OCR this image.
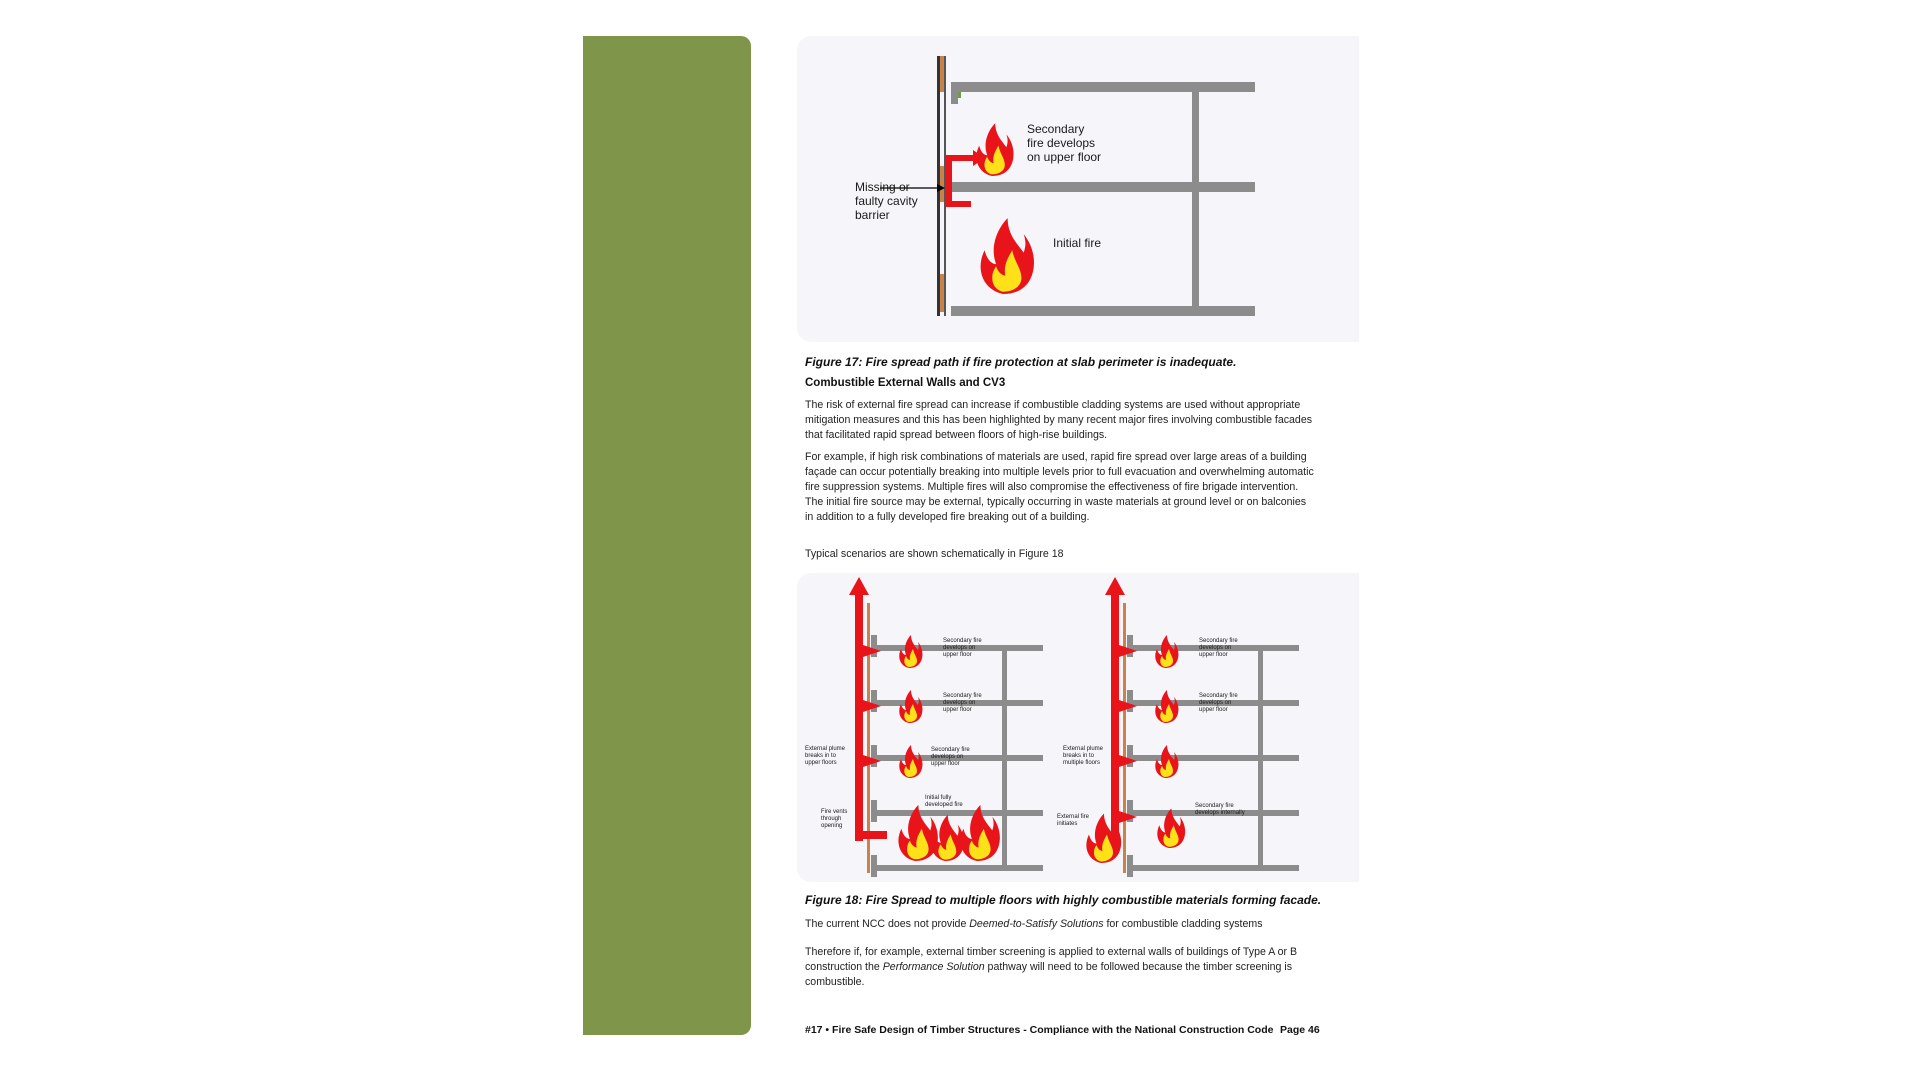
Secondary
fire develops
on upper floor
Missing or
faulty cavity
barrier
Initial fire
Figure 17: Fire spread path if fire protection at slab perimeter is inadequate.
Combustible External Walls and CV3

The risk of external fire spread can increase if combustible cladding systems are used without appropriate mitigation measures and this has been highlighted by many recent major fires involving combustible facades that facilitated rapid spread between floors of high-rise buildings.

For example, if high risk combinations of materials are used, rapid fire spread over large areas of a building façade can occur potentially breaking into multiple levels prior to full evacuation and overwhelming automatic fire suppression systems. Multiple fires will also compromise the effectiveness of fire brigade intervention. The initial fire source may be external, typically occurring in waste materials at ground level or on balconies in addition to a fully developed fire breaking out of a building.

Typical scenarios are shown schematically in Figure 18

Secondary fire
develops on
upper floor
Secondary fire
develops on
upper floor
Secondary fire
develops on
upper floor
Initial fully
developed fire
External plume
breaks in to
upper floors
Fire vents
through
opening
Secondary fire
develops on
upper floor
Secondary fire
develops on
upper floor
Secondary fire
develops internally
External plume
breaks in to
multiple floors
External fire
initiates
Figure 18: Fire Spread to multiple floors with highly combustible materials forming facade.

The current NCC does not provide Deemed-to-Satisfy Solutions for combustible cladding systems

Therefore if, for example, external timber screening is applied to external walls of buildings of Type A or B construction the Performance Solution pathway will need to be followed because the timber screening is combustible.

#17 • Fire Safe Design of Timber Structures - Compliance with the National Construction Code Page 46
